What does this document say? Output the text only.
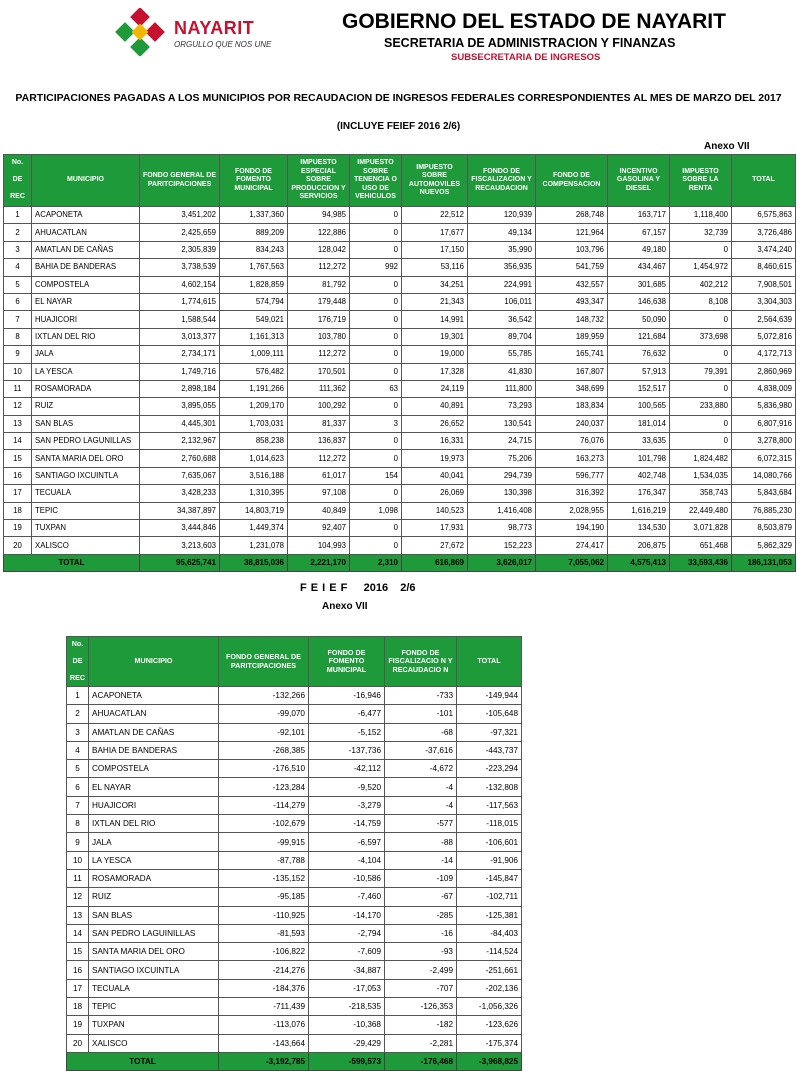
NAYARIT
ORGULLO QUE NOS UNE
GOBIERNO DEL ESTADO DE NAYARIT
SECRETARIA DE ADMINISTRACION Y FINANZAS
SUBSECRETARIA DE INGRESOS
PARTICIPACIONES PAGADAS A LOS MUNICIPIOS POR RECAUDACION DE INGRESOS FEDERALES CORRESPONDIENTES AL MES DE MARZO DEL 2017
(INCLUYE FEIEF 2016 2/6)
Anexo VII
No.

DE

REC	MUNICIPIO	FONDO GENERAL DE PARITCIPACIONES	FONDO DE FOMENTO MUNICIPAL	IMPUESTO ESPECIAL SOBRE PRODUCCION Y SERVICIOS	IMPUESTO SOBRE TENENCIA O USO DE VEHICULOS	IMPUESTO SOBRE AUTOMOVILES NUEVOS	FONDO DE FISCALIZACION Y RECAUDACION	FONDO DE COMPENSACION	INCENTIVO GASOLINA Y DIESEL	IMPUESTO SOBRE LA RENTA	TOTAL
1	ACAPONETA	3,451,202	1,337,360	94,985	0	22,512	120,939	268,748	163,717	1,118,400	6,575,863
2	AHUACATLAN	2,425,659	889,209	122,886	0	17,677	49,134	121,964	67,157	32,739	3,726,486
3	AMATLAN DE CAÑAS	2,305,839	834,243	128,042	0	17,150	35,990	103,796	49,180	0	3,474,240
4	BAHIA DE BANDERAS	3,738,539	1,767,563	112,272	992	53,116	356,935	541,759	434,467	1,454,972	8,460,615
5	COMPOSTELA	4,602,154	1,828,859	81,792	0	34,251	224,991	432,557	301,685	402,212	7,908,501
6	EL NAYAR	1,774,615	574,794	179,448	0	21,343	106,011	493,347	146,638	8,108	3,304,303
7	HUAJICORI	1,588,544	549,021	176,719	0	14,991	36,542	148,732	50,090	0	2,564,639
8	IXTLAN DEL RIO	3,013,377	1,161,313	103,780	0	19,301	89,704	189,959	121,684	373,698	5,072,816
9	JALA	2,734,171	1,009,111	112,272	0	19,000	55,785	165,741	76,632	0	4,172,713
10	LA YESCA	1,749,716	576,482	170,501	0	17,328	41,830	167,807	57,913	79,391	2,860,969
11	ROSAMORADA	2,898,184	1,191,266	111,362	63	24,119	111,800	348,699	152,517	0	4,838,009
12	RUIZ	3,895,055	1,209,170	100,292	0	40,891	73,293	183,834	100,565	233,880	5,836,980
13	SAN BLAS	4,445,301	1,703,031	81,337	3	26,652	130,541	240,037	181,014	0	6,807,916
14	SAN PEDRO LAGUNILLAS	2,132,967	858,238	136,837	0	16,331	24,715	76,076	33,635	0	3,278,800
15	SANTA MARIA DEL ORO	2,760,688	1,014,623	112,272	0	19,973	75,206	163,273	101,798	1,824,482	6,072,315
16	SANTIAGO IXCUINTLA	7,635,067	3,516,188	61,017	154	40,041	294,739	596,777	402,748	1,534,035	14,080,766
17	TECUALA	3,428,233	1,310,395	97,108	0	26,069	130,398	316,392	176,347	358,743	5,843,684
18	TEPIC	34,387,897	14,803,719	40,849	1,098	140,523	1,416,408	2,028,955	1,616,219	22,449,480	76,885,230
19	TUXPAN	3,444,846	1,449,374	92,407	0	17,931	98,773	194,190	134,530	3,071,828	8,503,879
20	XALISCO	3,213,603	1,231,078	104,993	0	27,672	152,223	274,417	206,875	651,468	5,862,329
TOTAL		95,625,741	38,815,036	2,221,170	2,310	616,869	3,626,017	7,055,062	4,575,413	33,593,436	186,131,053
F E I E F    2016   2/6
Anexo VII
No.

DE

REC	MUNICIPIO	FONDO GENERAL DE PARITCIPACIONES	FONDO DE FOMENTO MUNICIPAL	FONDO DE FISCALIZACIO N Y RECAUDACIO N	TOTAL
1	ACAPONETA	-132,266	-16,946	-733	-149,944
2	AHUACATLAN	-99,070	-6,477	-101	-105,648
3	AMATLAN DE CAÑAS	-92,101	-5,152	-68	-97,321
4	BAHIA DE BANDERAS	-268,385	-137,736	-37,616	-443,737
5	COMPOSTELA	-176,510	-42,112	-4,672	-223,294
6	EL NAYAR	-123,284	-9,520	-4	-132,808
7	HUAJICORI	-114,279	-3,279	-4	-117,563
8	IXTLAN DEL RIO	-102,679	-14,759	-577	-118,015
9	JALA	-99,915	-6,597	-88	-106,601
10	LA YESCA	-87,788	-4,104	-14	-91,906
11	ROSAMORADA	-135,152	-10,586	-109	-145,847
12	RUIZ	-95,185	-7,460	-67	-102,711
13	SAN BLAS	-110,925	-14,170	-285	-125,381
14	SAN PEDRO LAGUINILLAS	-81,593	-2,794	-16	-84,403
15	SANTA MARIA DEL ORO	-106,822	-7,609	-93	-114,524
16	SANTIAGO IXCUINTLA	-214,276	-34,887	-2,499	-251,661
17	TECUALA	-184,376	-17,053	-707	-202,136
18	TEPIC	-711,439	-218,535	-126,353	-1,056,326
19	TUXPAN	-113,076	-10,368	-182	-123,626
20	XALISCO	-143,664	-29,429	-2,281	-175,374
TOTAL		-3,192,785	-599,573	-176,468	-3,968,825
